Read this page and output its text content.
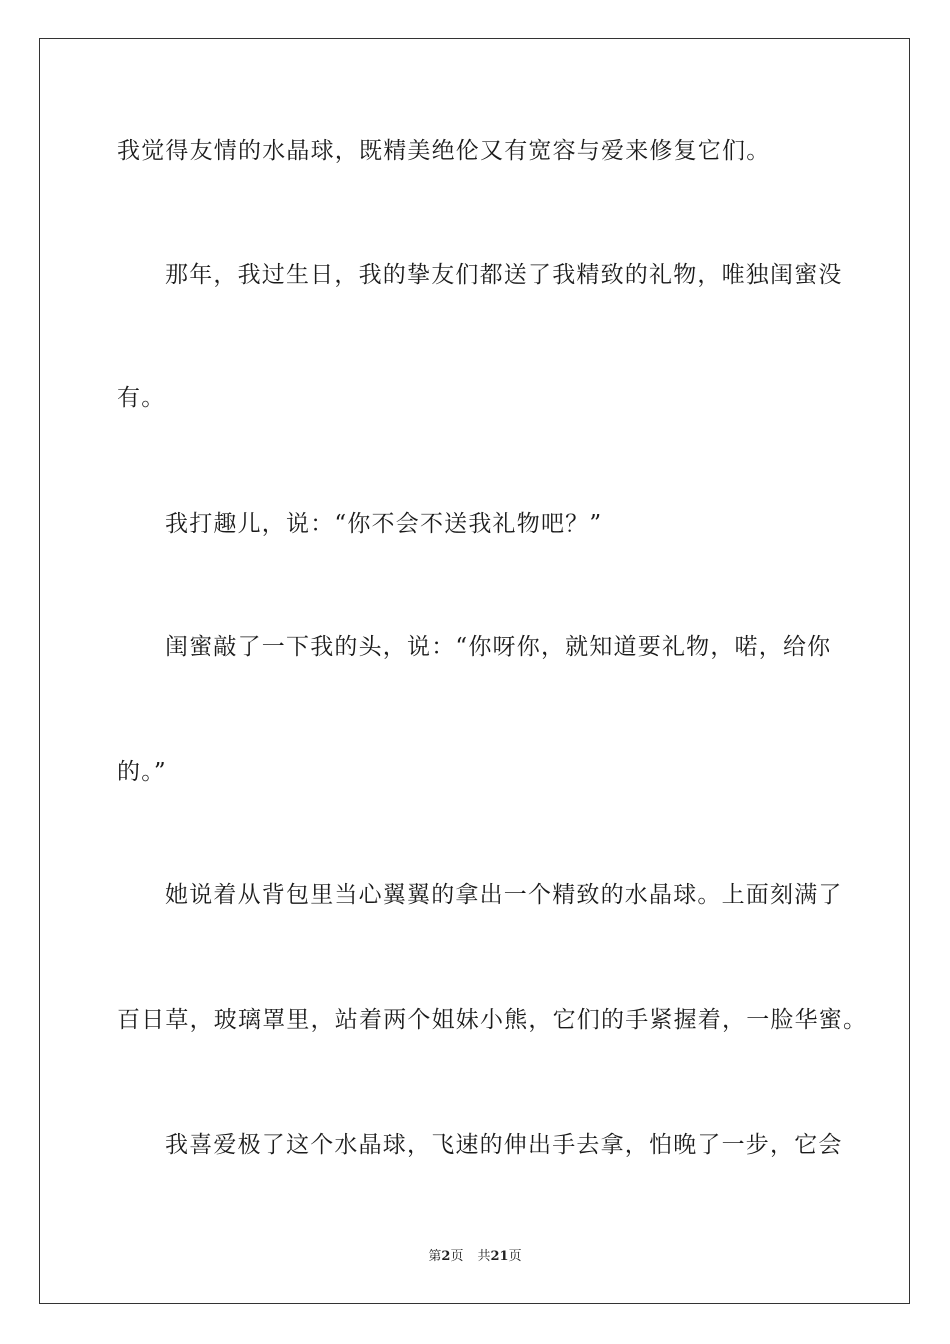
我觉得友情的水晶球，既精美绝伦又有宽容与爱来修复它们。
那年，我过生日，我的挚友们都送了我精致的礼物，唯独闺蜜没
有。
我打趣儿，说：“你不会不送我礼物吧？”
闺蜜敲了一下我的头，说：“你呀你，就知道要礼物，喏，给你
的。”
她说着从背包里当心翼翼的拿出一个精致的水晶球。上面刻满了
百日草，玻璃罩里，站着两个姐妹小熊，它们的手紧握着，一脸华蜜。
我喜爱极了这个水晶球，飞速的伸出手去拿，怕晚了一步，它会
第2页 共21页
